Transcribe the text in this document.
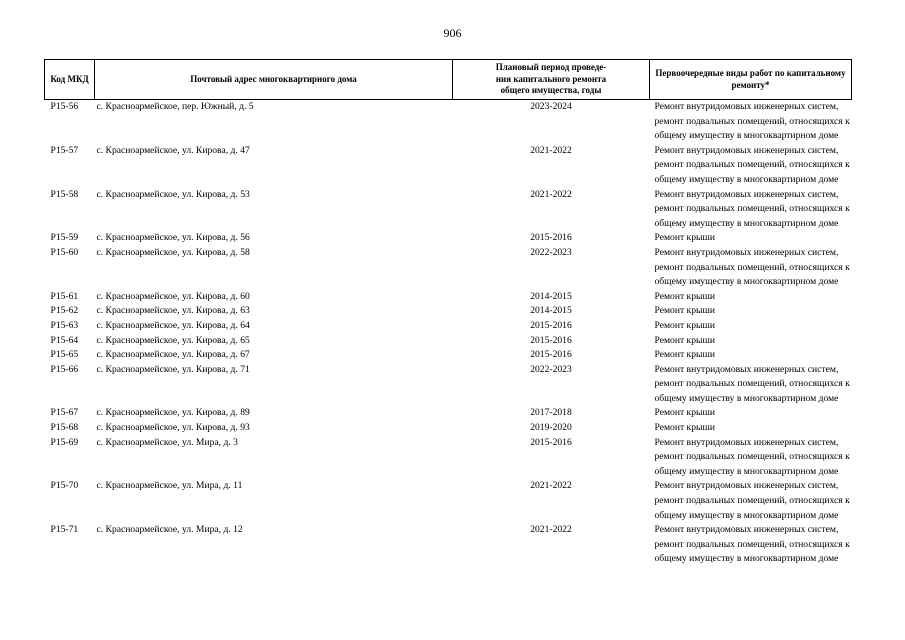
906
Код МКД	Почтовый адрес многоквартирного дома	Плановый период проведе-
ния капитального ремонта
общего имущества, годы	Первоочередные виды работ по капитальному
ремонту*

P15-56	с. Красноармейское, пер. Южный, д. 5	2023-2024	Ремонт внутридомовых инженерных систем,
ремонт подвальных помещений, относящихся к
общему имуществу в многоквартирном доме

P15-57	с. Красноармейское, ул. Кирова, д. 47	2021-2022	Ремонт внутридомовых инженерных систем,
ремонт подвальных помещений, относящихся к
общему имуществу в многоквартирном доме

P15-58	с. Красноармейское, ул. Кирова, д. 53	2021-2022	Ремонт внутридомовых инженерных систем,
ремонт подвальных помещений, относящихся к
общему имуществу в многоквартирном доме

P15-59	с. Красноармейское, ул. Кирова, д. 56	2015-2016	Ремонт крыши

P15-60	с. Красноармейское, ул. Кирова, д. 58	2022-2023	Ремонт внутридомовых инженерных систем,
ремонт подвальных помещений, относящихся к
общему имуществу в многоквартирном доме

P15-61	с. Красноармейское, ул. Кирова, д. 60	2014-2015	Ремонт крыши

P15-62	с. Красноармейское, ул. Кирова, д. 63	2014-2015	Ремонт крыши

P15-63	с. Красноармейское, ул. Кирова, д. 64	2015-2016	Ремонт крыши

P15-64	с. Красноармейское, ул. Кирова, д. 65	2015-2016	Ремонт крыши

P15-65	с. Красноармейское, ул. Кирова, д. 67	2015-2016	Ремонт крыши

P15-66	с. Красноармейское, ул. Кирова, д. 71	2022-2023	Ремонт внутридомовых инженерных систем,
ремонт подвальных помещений, относящихся к
общему имуществу в многоквартирном доме

P15-67	с. Красноармейское, ул. Кирова, д. 89	2017-2018	Ремонт крыши

P15-68	с. Красноармейское, ул. Кирова, д. 93	2019-2020	Ремонт крыши

P15-69	с. Красноармейское, ул. Мира, д. 3	2015-2016	Ремонт внутридомовых инженерных систем,
ремонт подвальных помещений, относящихся к
общему имуществу в многоквартирном доме

P15-70	с. Красноармейское, ул. Мира, д. 11	2021-2022	Ремонт внутридомовых инженерных систем,
ремонт подвальных помещений, относящихся к
общему имуществу в многоквартирном доме

P15-71	с. Красноармейское, ул. Мира, д. 12	2021-2022	Ремонт внутридомовых инженерных систем,
ремонт подвальных помещений, относящихся к
общему имуществу в многоквартирном доме
